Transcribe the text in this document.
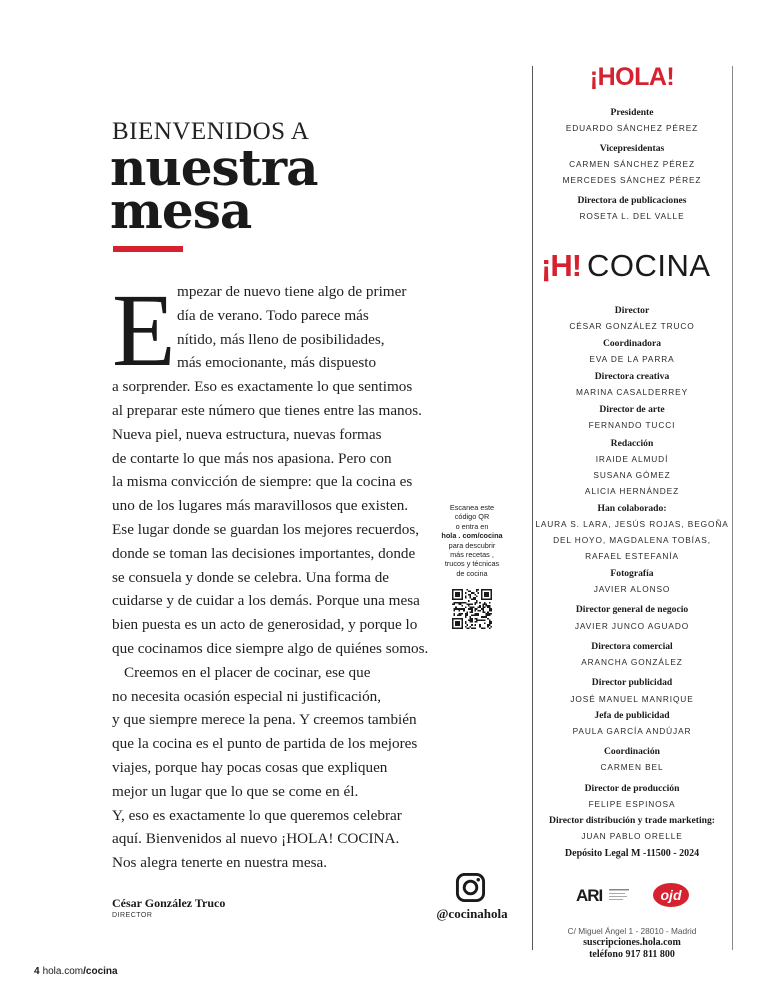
BIENVENIDOS A
nuestra
mesa
E mpezar de nuevo tiene algo de primer
día de verano. Todo parece más
nítido, más lleno de posibilidades,
más emocionante, más dispuesto
a sorprender. Eso es exactamente lo que sentimos
al preparar este número que tienes entre las manos.
Nueva piel, nueva estructura, nuevas formas
de contarte lo que más nos apasiona. Pero con
la misma convicción de siempre: que la cocina es
uno de los lugares más maravillosos que existen.
Ese lugar donde se guardan los mejores recuerdos,
donde se toman las decisiones importantes, donde
se consuela y donde se celebra. Una forma de
cuidarse y de cuidar a los demás. Porque una mesa
bien puesta es un acto de generosidad, y porque lo
que cocinamos dice siempre algo de quiénes somos.
Creemos en el placer de cocinar, ese que
no necesita ocasión especial ni justificación,
y que siempre merece la pena. Y creemos también
que la cocina es el punto de partida de los mejores
viajes, porque hay pocas cosas que expliquen
mejor un lugar que lo que se come en él.
Y, eso es exactamente lo que queremos celebrar
aquí. Bienvenidos al nuevo ¡HOLA! COCINA.
Nos alegra tenerte en nuestra mesa.
César González Truco
DIRECTOR
Escanea este
código QR
o entra en
hola . com/cocina
para descubrir
más recetas ,
trucos y técnicas
de cocina
@cocinahola
¡HOLA!
Presidente
EDUARDO SÁNCHEZ PÉREZ
Vicepresidentas
CARMEN SÁNCHEZ PÉREZ
MERCEDES SÁNCHEZ PÉREZ
Directora de publicaciones
ROSETA L. DEL VALLE
¡H! COCINA
Director
CÉSAR GONZÁLEZ TRUCO
Coordinadora
EVA DE LA PARRA
Directora creativa
MARINA CASALDERREY
Director de arte
FERNANDO TUCCI
Redacción
IRAIDE ALMUDÍ
SUSANA GÓMEZ
ALICIA HERNÁNDEZ
Han colaborado:
LAURA S. LARA, JESÚS ROJAS, BEGOÑA
DEL HOYO, MAGDALENA TOBÍAS,
RAFAEL ESTEFANÍA
Fotografía
JAVIER ALONSO
Director general de negocio
JAVIER JUNCO AGUADO
Directora comercial
ARANCHA GONZÁLEZ
Director publicidad
JOSÉ MANUEL MANRIQUE
Jefa de publicidad
PAULA GARCÍA ANDÚJAR
Coordinación
CARMEN BEL
Director de producción
FELIPE ESPINOSA
Director distribución y trade marketing:
JUAN PABLO ORELLE
Depósito Legal M -11500 - 2024
ARI	ojd
C/ Miguel Ángel 1 - 28010 - Madrid
suscripciones.hola.com
teléfono 917 811 800
4 hola.com/cocina
